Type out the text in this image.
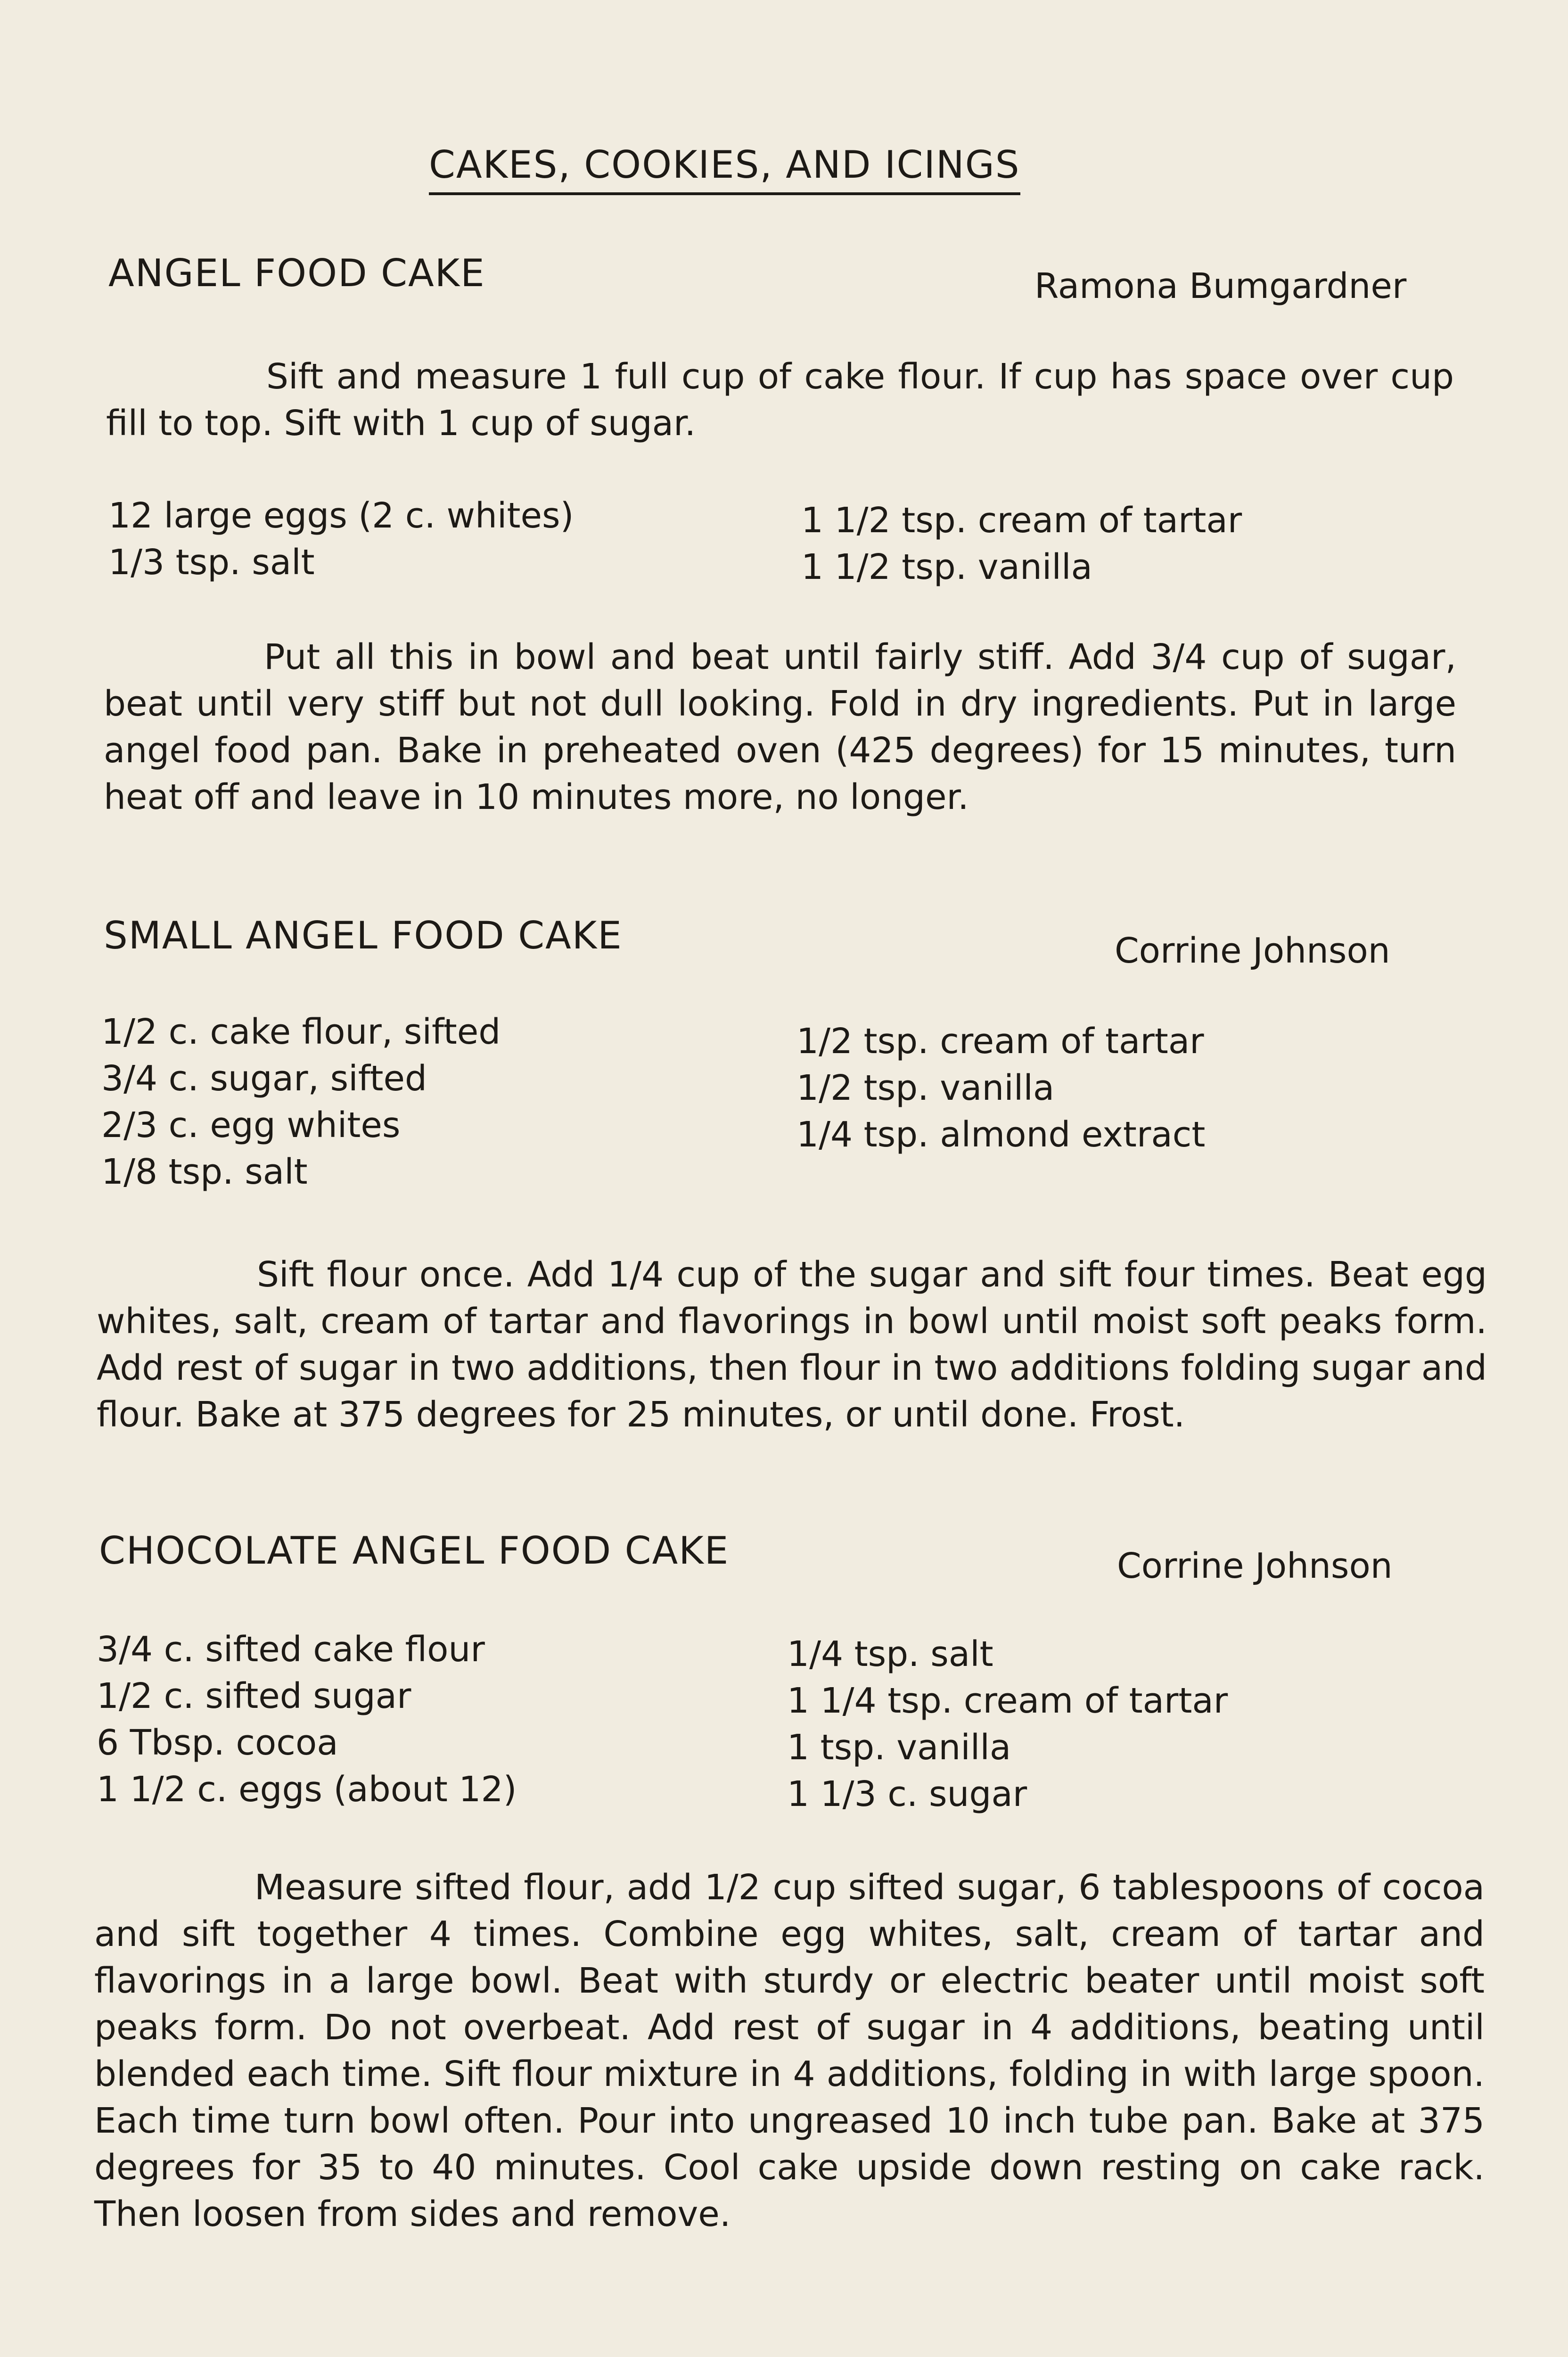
CAKES, COOKIES, AND ICINGS
ANGEL FOOD CAKE	Ramona Bumgardner

Sift and measure 1 full cup of cake flour. If cup has space over cup fill to top. Sift with 1 cup of sugar.

12 large eggs (2 c. whites)
1/3 tsp. salt
1 1/2 tsp. cream of tartar
1 1/2 tsp. vanilla

Put all this in bowl and beat until fairly stiff. Add 3/4 cup of sugar, beat until very stiff but not dull looking. Fold in dry ingredients. Put in large angel food pan. Bake in preheated oven (425 degrees) for 15 minutes, turn heat off and leave in 10 minutes more, no longer.

SMALL ANGEL FOOD CAKE	Corrine Johnson
1/2 c. cake flour, sifted
3/4 c. sugar, sifted
2/3 c. egg whites
1/8 tsp. salt
1/2 tsp. cream of tartar
1/2 tsp. vanilla
1/4 tsp. almond extract

Sift flour once. Add 1/4 cup of the sugar and sift four times. Beat egg whites, salt, cream of tartar and flavorings in bowl until moist soft peaks form. Add rest of sugar in two additions, then flour in two additions folding sugar and flour. Bake at 375 degrees for 25 minutes, or until done. Frost.

CHOCOLATE ANGEL FOOD CAKE	Corrine Johnson
3/4 c. sifted cake flour
1/2 c. sifted sugar
6 Tbsp. cocoa
1 1/2 c. eggs (about 12)
1/4 tsp. salt
1 1/4 tsp. cream of tartar
1 tsp. vanilla
1 1/3 c. sugar

Measure sifted flour, add 1/2 cup sifted sugar, 6 tablespoons of cocoa and sift together 4 times. Combine egg whites, salt, cream of tartar and flavorings in a large bowl. Beat with sturdy or electric beater until moist soft peaks form. Do not overbeat. Add rest of sugar in 4 additions, beating until blended each time. Sift flour mixture in 4 additions, folding in with large spoon. Each time turn bowl often. Pour into ungreased 10 inch tube pan. Bake at 375 degrees for 35 to 40 minutes. Cool cake upside down resting on cake rack. Then loosen from sides and remove.
